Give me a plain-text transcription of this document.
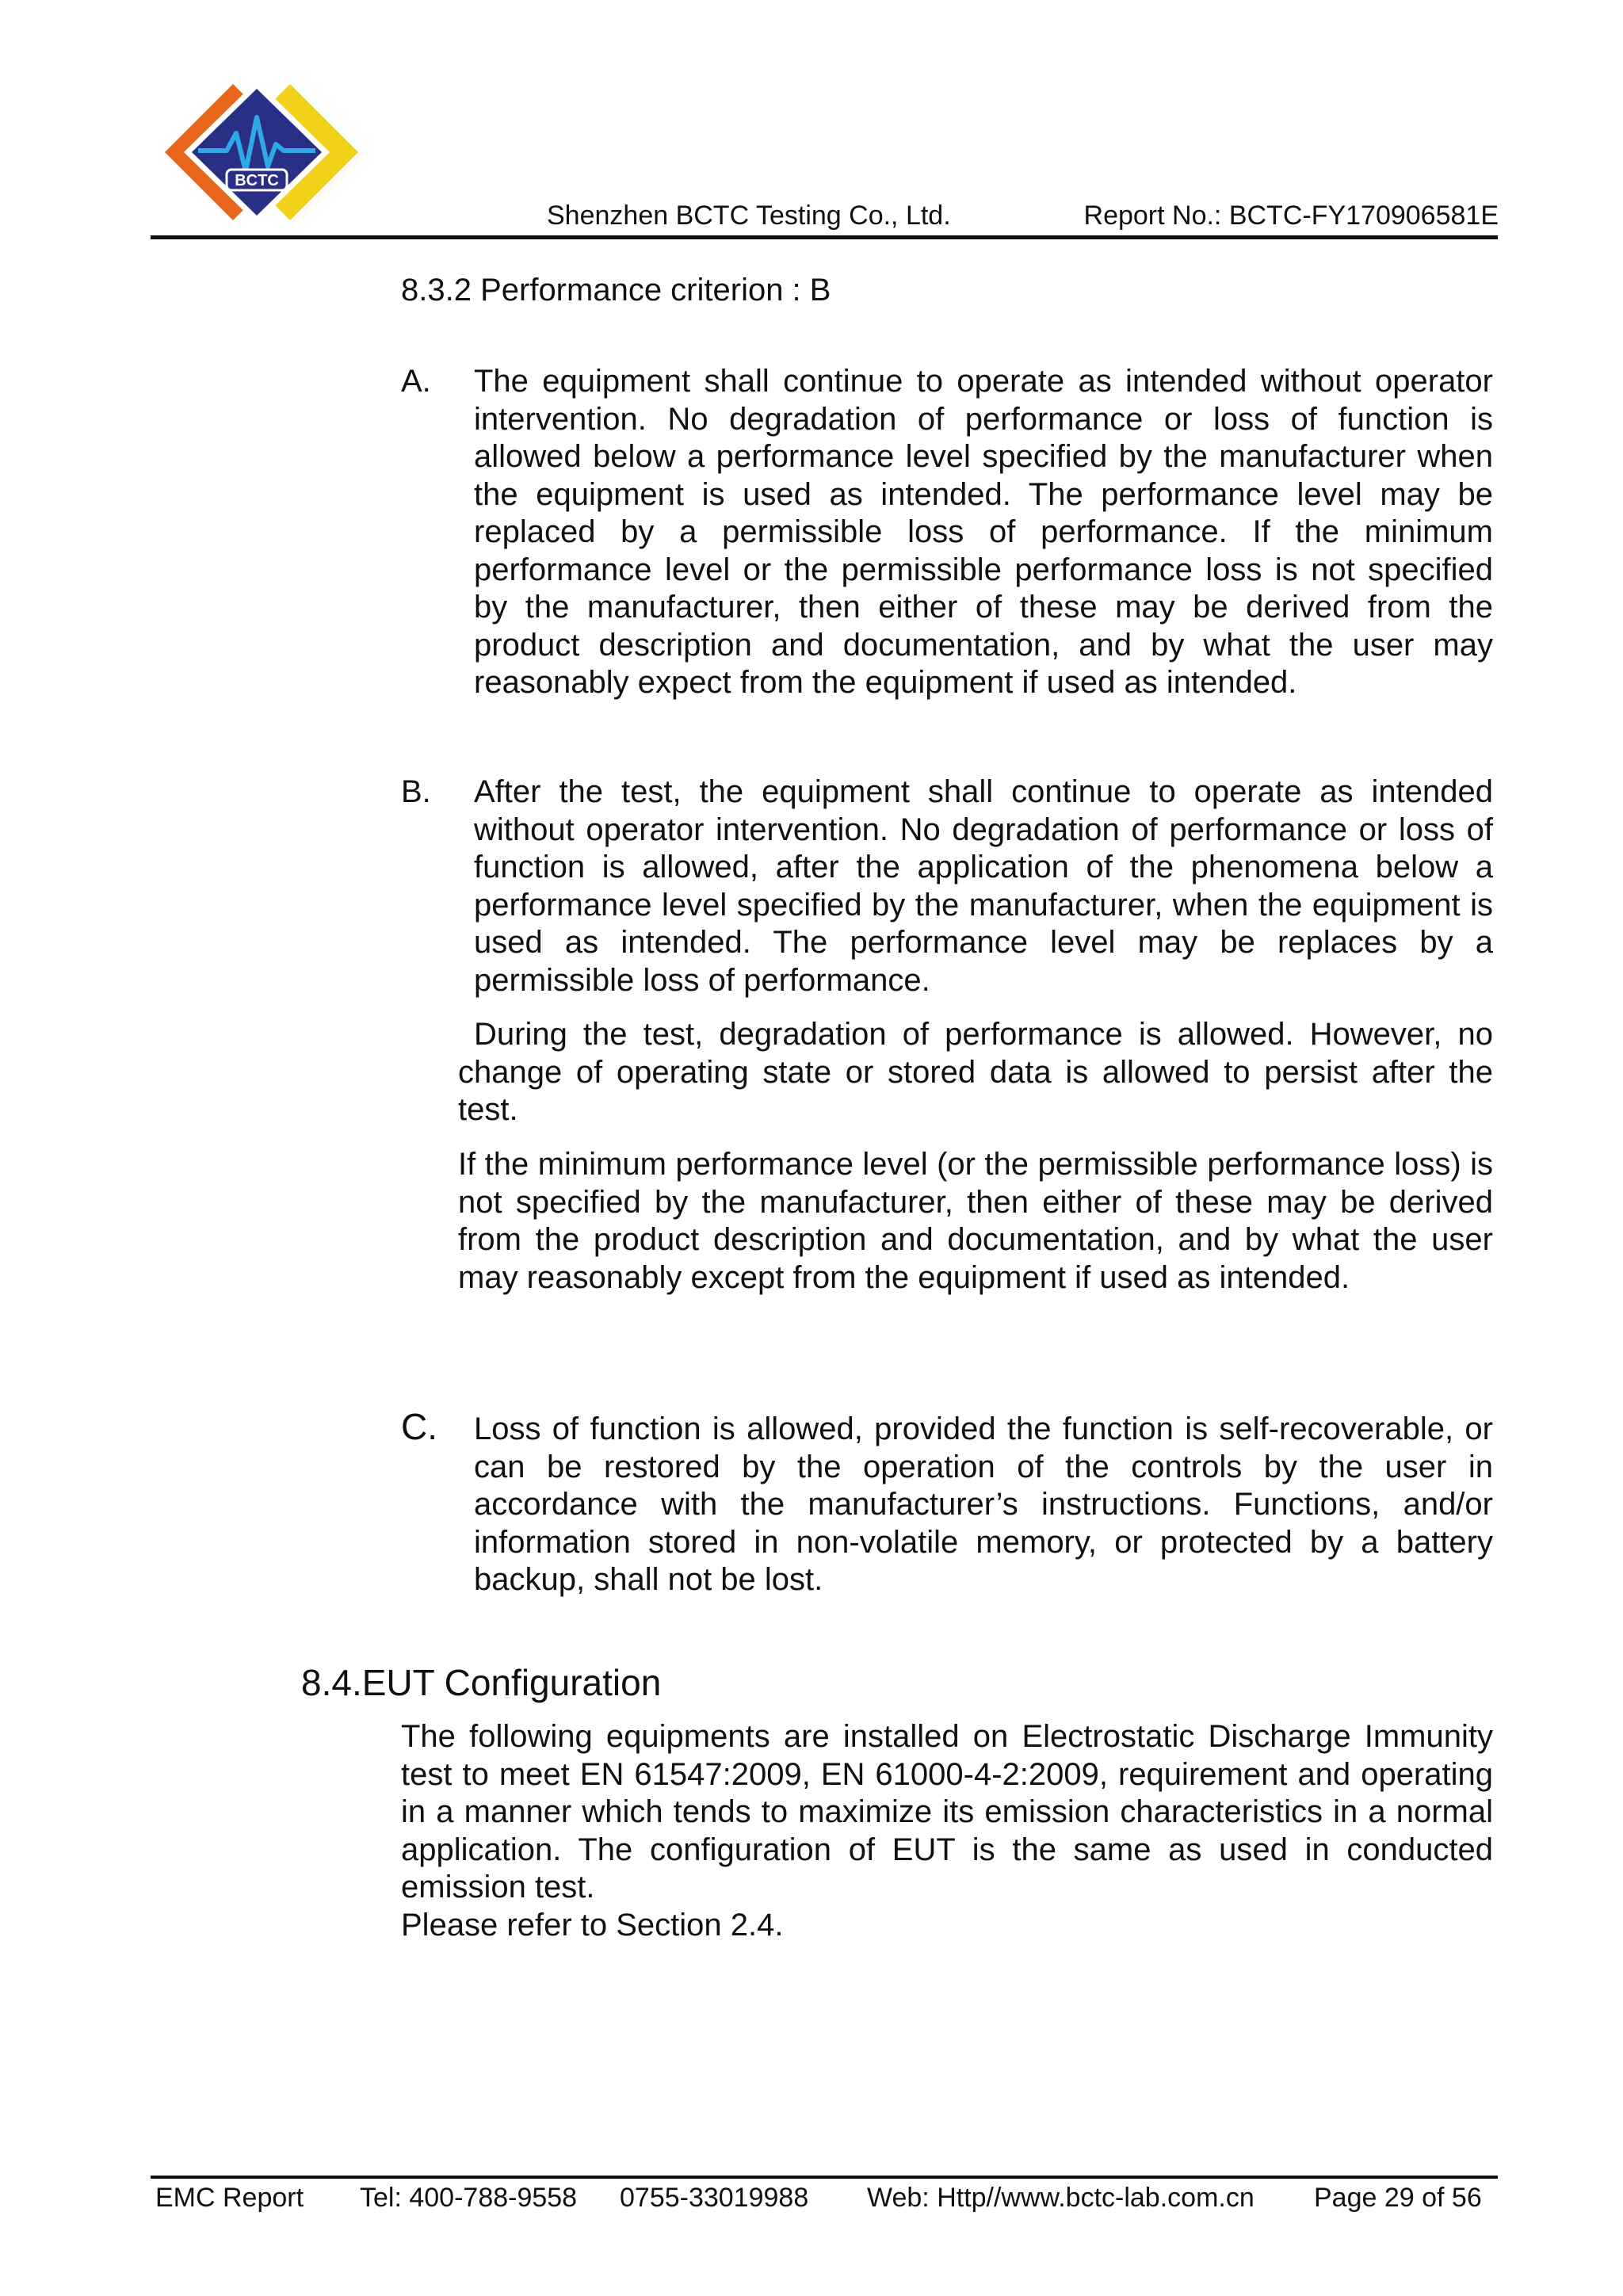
BCTC
Shenzhen BCTC Testing Co., Ltd.	Report No.: BCTC-FY170906581E
8.3.2 Performance criterion : B
A. The equipment shall continue to operate as intended without operator intervention. No degradation of performance or loss of function is allowed below a performance level specified by the manufacturer when the equipment is used as intended. The performance level may be replaced by a permissible loss of performance. If the minimum performance level or the permissible performance loss is not specified by the manufacturer, then either of these may be derived from the product description and documentation, and by what the user may reasonably expect from the equipment if used as intended.
B. After the test, the equipment shall continue to operate as intended without operator intervention. No degradation of performance or loss of function is allowed, after the application of the phenomena below a performance level specified by the manufacturer, when the equipment is used as intended. The performance level may be replaces by a permissible loss of performance.
During the test, degradation of performance is allowed. However, no change of operating state or stored data is allowed to persist after the test.
If the minimum performance level (or the permissible performance loss) is not specified by the manufacturer, then either of these may be derived from the product description and documentation, and by what the user may reasonably except from the equipment if used as intended.
C. Loss of function is allowed, provided the function is self-recoverable, or can be restored by the operation of the controls by the user in accordance with the manufacturer’s instructions. Functions, and/or information stored in non-volatile memory, or protected by a battery backup, shall not be lost.
8.4.EUT Configuration
The following equipments are installed on Electrostatic Discharge Immunity test to meet EN 61547:2009, EN 61000-4-2:2009, requirement and operating in a manner which tends to maximize its emission characteristics in a normal application. The configuration of EUT is the same as used in conducted emission test.
Please refer to Section 2.4.
EMC Report Tel: 400-788-9558 0755-33019988 Web: Http//www.bctc-lab.com.cn Page 29 of 56
